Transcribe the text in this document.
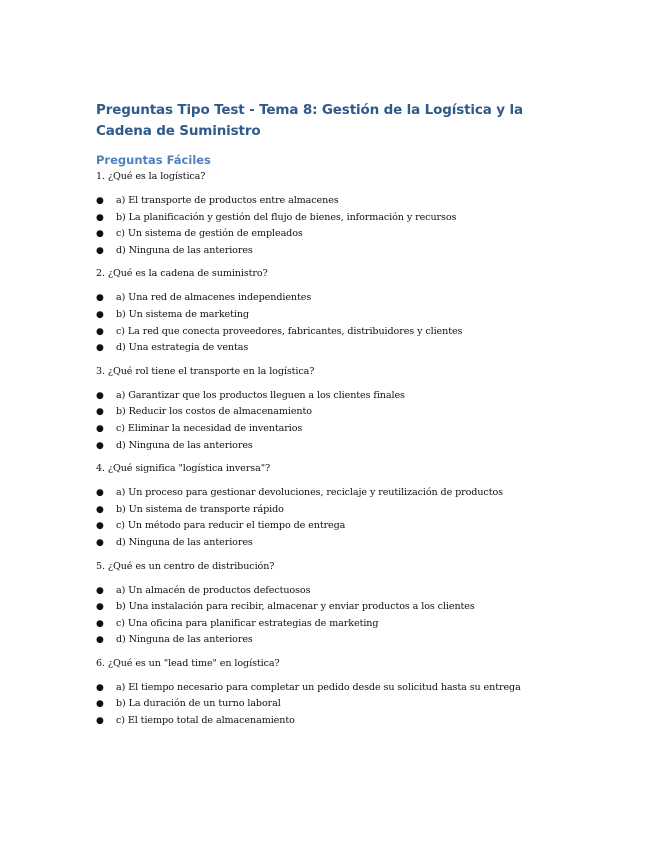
Preguntas Tipo Test - Tema 8: Gestión de la Logística y la Cadena de Suministro
Preguntas Fáciles

1. ¿Qué es la logística?

● a) El transporte de productos entre almacenes
● b) La planificación y gestión del flujo de bienes, información y recursos
● c) Un sistema de gestión de empleados
● d) Ninguna de las anteriores

2. ¿Qué es la cadena de suministro?

● a) Una red de almacenes independientes
● b) Un sistema de marketing
● c) La red que conecta proveedores, fabricantes, distribuidores y clientes
● d) Una estrategia de ventas

3. ¿Qué rol tiene el transporte en la logística?

● a) Garantizar que los productos lleguen a los clientes finales
● b) Reducir los costos de almacenamiento
● c) Eliminar la necesidad de inventarios
● d) Ninguna de las anteriores

4. ¿Qué significa "logística inversa"?

● a) Un proceso para gestionar devoluciones, reciclaje y reutilización de productos
● b) Un sistema de transporte rápido
● c) Un método para reducir el tiempo de entrega
● d) Ninguna de las anteriores

5. ¿Qué es un centro de distribución?

● a) Un almacén de productos defectuosos
● b) Una instalación para recibir, almacenar y enviar productos a los clientes
● c) Una oficina para planificar estrategias de marketing
● d) Ninguna de las anteriores

6. ¿Qué es un "lead time" en logística?

● a) El tiempo necesario para completar un pedido desde su solicitud hasta su entrega
● b) La duración de un turno laboral
● c) El tiempo total de almacenamiento
